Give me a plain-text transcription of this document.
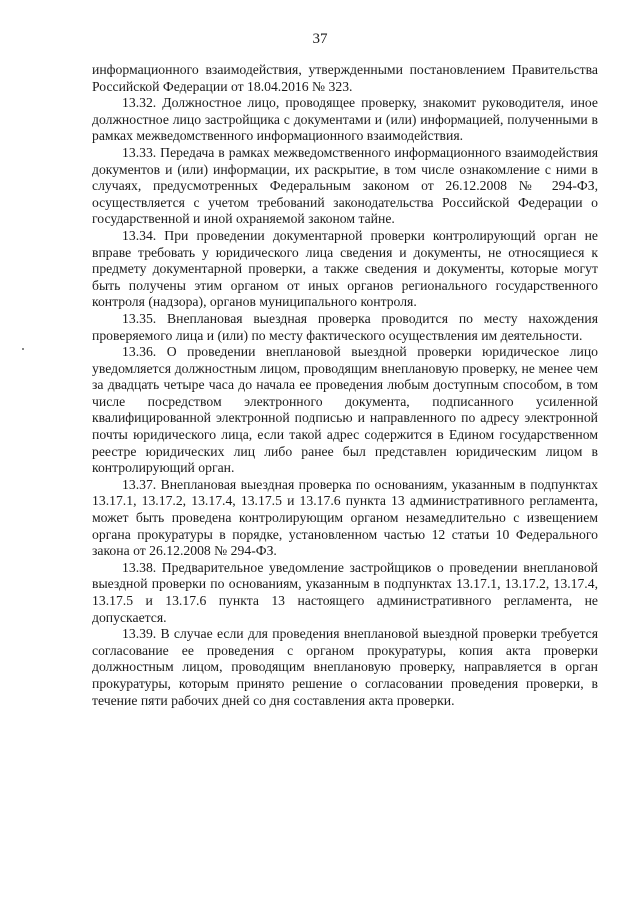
37

информационного взаимодействия, утвержденными постановлением Правительства Российской Федерации от 18.04.2016 № 323.

13.32. Должностное лицо, проводящее проверку, знакомит руководителя, иное должностное лицо застройщика с документами и (или) информацией, полученными в рамках межведомственного информационного взаимодействия.

13.33. Передача в рамках межведомственного информационного взаимодействия документов и (или) информации, их раскрытие, в том числе ознакомление с ними в случаях, предусмотренных Федеральным законом от 26.12.2008 № 294-ФЗ, осуществляется с учетом требований законодательства Российской Федерации о государственной и иной охраняемой законом тайне.

13.34. При проведении документарной проверки контролирующий орган не вправе требовать у юридического лица сведения и документы, не относящиеся к предмету документарной проверки, а также сведения и документы, которые могут быть получены этим органом от иных органов регионального государственного контроля (надзора), органов муниципального контроля.

13.35. Внеплановая выездная проверка проводится по месту нахождения проверяемого лица и (или) по месту фактического осуществления им деятельности.

13.36. О проведении внеплановой выездной проверки юридическое лицо уведомляется должностным лицом, проводящим внеплановую проверку, не менее чем за двадцать четыре часа до начала ее проведения любым доступным способом, в том числе посредством электронного документа, подписанного усиленной квалифицированной электронной подписью и направленного по адресу электронной почты юридического лица, если такой адрес содержится в Едином государственном реестре юридических лиц либо ранее был представлен юридическим лицом в контролирующий орган.

13.37. Внеплановая выездная проверка по основаниям, указанным в подпунктах 13.17.1, 13.17.2, 13.17.4, 13.17.5 и 13.17.6 пункта 13 административного регламента, может быть проведена контролирующим органом незамедлительно с извещением органа прокуратуры в порядке, установленном частью 12 статьи 10 Федерального закона от 26.12.2008 № 294-ФЗ.

13.38. Предварительное уведомление застройщиков о проведении внеплановой выездной проверки по основаниям, указанным в подпунктах 13.17.1, 13.17.2, 13.17.4, 13.17.5 и 13.17.6 пункта 13 настоящего административного регламента, не допускается.

13.39. В случае если для проведения внеплановой выездной проверки требуется согласование ее проведения с органом прокуратуры, копия акта проверки должностным лицом, проводящим внеплановую проверку, направляется в орган прокуратуры, которым принято решение о согласовании проведения проверки, в течение пяти рабочих дней со дня составления акта проверки.
